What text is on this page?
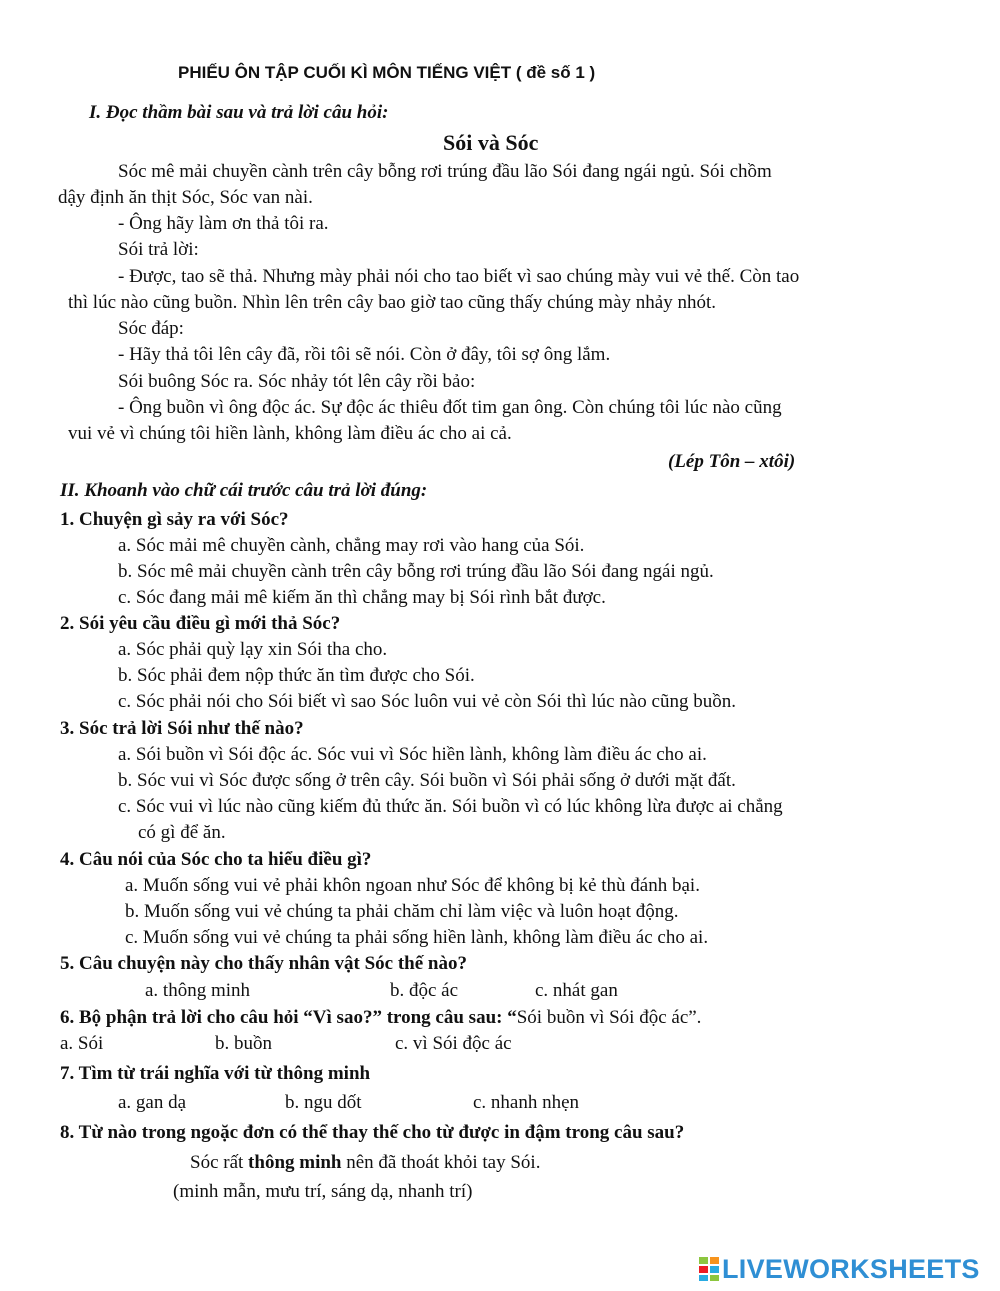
PHIẾU ÔN TẬP CUỐI KÌ MÔN TIẾNG VIỆT ( đề số 1 )
I. Đọc thầm bài sau và trả lời câu hỏi:
Sói và Sóc
Sóc mê mải chuyền cành trên cây bỗng rơi trúng đầu lão Sói đang ngái ngủ. Sói chồm
dậy định ăn thịt Sóc, Sóc van nài.
- Ông hãy làm ơn thả tôi ra.
Sói trả lời:
- Được, tao sẽ thả. Nhưng mày phải nói cho tao biết vì sao chúng mày vui vẻ thế. Còn tao
thì lúc nào cũng buồn. Nhìn lên trên cây bao giờ tao cũng thấy chúng mày nhảy nhót.
Sóc đáp:
- Hãy thả tôi lên cây đã, rồi tôi sẽ nói. Còn ở đây, tôi sợ ông lắm.
Sói buông Sóc ra. Sóc nhảy tót lên cây rồi bảo:
- Ông buồn vì ông độc ác. Sự độc ác thiêu đốt tim gan ông. Còn chúng tôi lúc nào cũng
vui vẻ vì chúng tôi hiền lành, không làm điều ác cho ai cả.
(Lép Tôn – xtôi)
II. Khoanh vào chữ cái trước câu trả lời đúng:
1. Chuyện gì sảy ra với Sóc?
a. Sóc mải mê chuyền cành, chẳng may rơi vào hang của Sói.
b. Sóc mê mải chuyền cành trên cây bỗng rơi trúng đầu lão Sói đang ngái ngủ.
c. Sóc đang mải mê kiếm ăn thì chẳng may bị Sói rình bắt được.
2. Sói yêu cầu điều gì mới thả Sóc?
a. Sóc phải quỳ lạy xin Sói tha cho.
b. Sóc phải đem nộp thức ăn tìm được cho Sói.
c. Sóc phải nói cho Sói biết vì sao Sóc luôn vui vẻ còn Sói thì lúc nào cũng buồn.
3. Sóc trả lời Sói như thế nào?
a. Sói buồn vì Sói độc ác. Sóc vui vì Sóc hiền lành, không làm điều ác cho ai.
b. Sóc vui vì Sóc được sống ở trên cây. Sói buồn vì Sói phải sống ở dưới mặt đất.
c. Sóc vui vì lúc nào cũng kiếm đủ thức ăn. Sói buồn vì có lúc không lừa được ai chẳng
có gì để ăn.
4. Câu nói của Sóc cho ta hiểu điều gì?
a. Muốn sống vui vẻ phải khôn ngoan như Sóc để không bị kẻ thù đánh bại.
b. Muốn sống vui vẻ chúng ta phải chăm chỉ làm việc và luôn hoạt động.
c. Muốn sống vui vẻ chúng ta phải sống hiền lành, không làm điều ác cho ai.
5. Câu chuyện này cho thấy nhân vật Sóc thế nào?
a. thông minh	b. độc ác	c. nhát gan
6. Bộ phận trả lời cho câu hỏi “Vì sao?” trong câu sau: “Sói buồn vì Sói độc ác”.
a. Sói	b. buồn	c. vì Sói độc ác
7. Tìm từ trái nghĩa với từ thông minh
a. gan dạ	b. ngu dốt	c. nhanh nhẹn
8. Từ nào trong ngoặc đơn có thể thay thế cho từ được in đậm trong câu sau?
Sóc rất thông minh nên đã thoát khỏi tay Sói.
(minh mẫn, mưu trí, sáng dạ, nhanh trí)
LIVEWORKSHEETS
